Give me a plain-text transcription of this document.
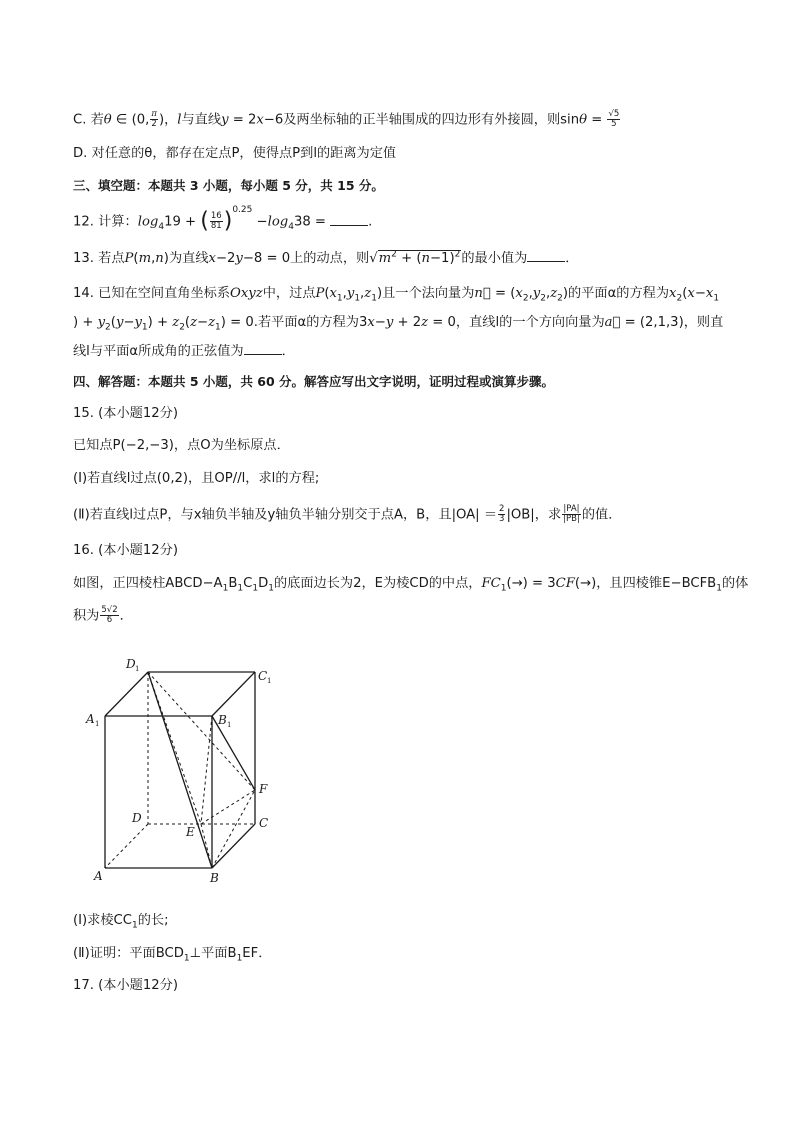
C. 若θ ∈ (0, $\frac{\pi}{2}$ )，l与直线y = 2x−6及两坐标轴的正半轴围成的四边形有外接圆，则$\sin\theta = \frac{√5}{5}$
D. 对任意的θ，都存在定点P，使得点P到l的距离为定值
三、填空题：本题共 3 小题，每小题 5 分，共 15 分。
12. 计算：$\log_419$ + ( $\frac{16}{81} )^{0.25} -\log_438$ =	.
13. 若点P(m,n)为直线x−2y−8 = 0上的动点，则$√m^2 + (n-1)^2$的最小值为	．
14. 已知在空间直角坐标系Oxyz中，过点$P(x_1,y_1,z_1)$且一个法向量为n⃗ = $(x_2,y_2,z_2)$的平面α的方程为$x_2(x-x_1$
) + $y_2(y-y_1) + z_2(z-z_1) = 0$.若平面α的方程为3x−y + 2z = 0，直线l的一个方向向量为a⃗ = (2,1,3)，则直
线l与平面α所成角的正弦值为	．
四、解答题：本题共 5 小题，共 60 分。解答应写出文字说明，证明过程或演算步骤。
15. (本小题12分)
已知点P(−2,−3)，点O为坐标原点．
(Ⅰ)若直线l过点(0,2)，且OP//l，求l的方程;
(Ⅱ)若直线l过点P，与x轴负半轴及y轴负半轴分别交于点A，B，且$|OA| = \frac{2}{3} |OB|$，求 $\frac{|PA|}{|PB|}$ 的值．
16. (本小题12分)
如图，正四棱柱$ABCD-A_1B_1C_1D_1$的底面边长为2，E为棱CD的中点，$FC_1(\to) = 3CF(\to)$，且四棱锥$E-BCFB_1$的体
积为 $\frac{5√2}{6}$ ．
D 1	C 1
A 1	B 1
D	C
F
E
A	B
(Ⅰ)求棱$CC_1$的长;
(Ⅱ)证明：平面$BCD_1\perp$平面$B_1EF$．
17. (本小题12分)
